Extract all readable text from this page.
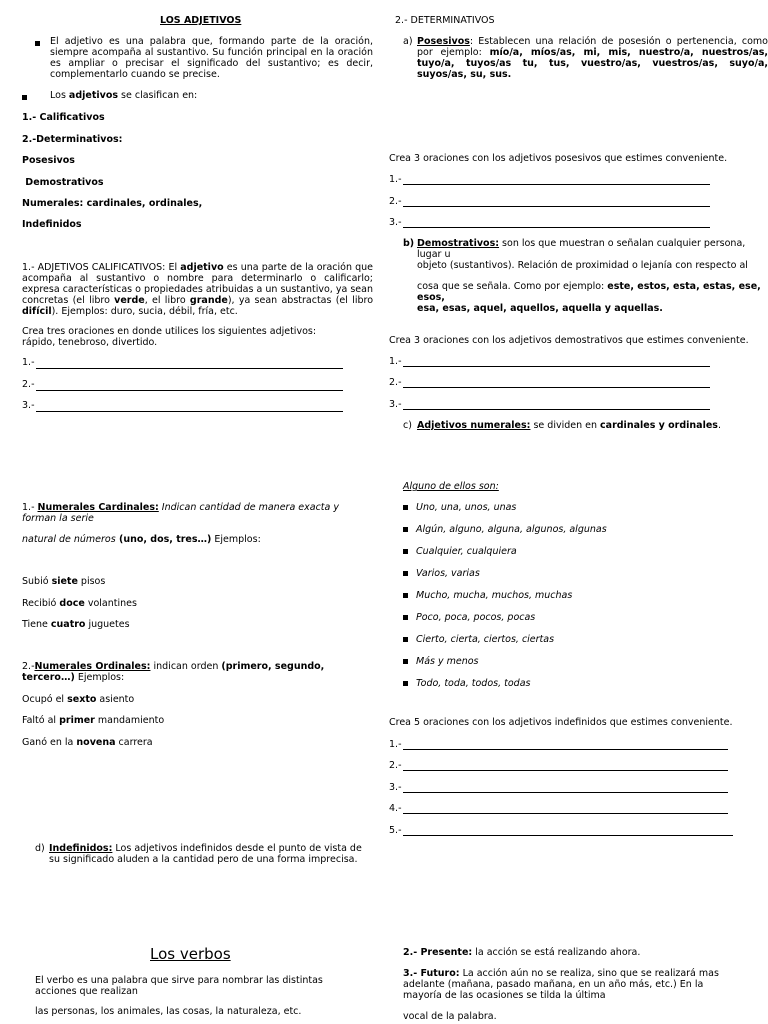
LOS ADJETIVOS
El adjetivo es una palabra que, formando parte de la oración, siempre acompaña al sustantivo. Su función principal en la oración es ampliar o precisar el significado del sustantivo; es decir, complementarlo cuando se precise.
Los adjetivos se clasifican en:
1.- Calificativos
2.-Determinativos:
Posesivos
Demostrativos
Numerales: cardinales, ordinales,
Indefinidos
1.- ADJETIVOS CALIFICATIVOS: El adjetivo es una parte de la oración que acompaña al sustantivo o nombre para determinarlo o calificarlo; expresa características o propiedades atribuidas a un sustantivo, ya sean concretas (el libro verde, el libro grande), ya sean abstractas (el libro difícil). Ejemplos: duro, sucia, débil, fría, etc.
Crea tres oraciones en donde utilices los siguientes adjetivos: rápido, tenebroso, divertido.
1.-
2.-
3.-
1.- Numerales Cardinales: Indican cantidad de manera exacta y forman la serie
natural de números (uno, dos, tres…) Ejemplos:
Subió siete pisos
Recibió doce volantines
Tiene cuatro juguetes
2.-Numerales Ordinales: indican orden (primero, segundo, tercero…) Ejemplos:
Ocupó el sexto asiento
Faltó al primer mandamiento
Ganó en la novena carrera
d) Indefinidos: Los adjetivos indefinidos desde el punto de vista de su significado aluden a la cantidad pero de una forma imprecisa.
Los verbos
El verbo es una palabra que sirve para nombrar las distintas acciones que realizan
las personas, los animales, las cosas, la naturaleza, etc.
2.- DETERMINATIVOS
a) Posesivos: Establecen una relación de posesión o pertenencia, como por ejemplo: mío/a, míos/as, mi, mis, nuestro/a, nuestros/as, tuyo/a, tuyos/as tu, tus, vuestro/as, vuestros/as, suyo/a, suyos/as, su, sus.
Crea 3 oraciones con los adjetivos posesivos que estimes conveniente.
1.-
2.-
3.-
b) Demostrativos: son los que muestran o señalan cualquier persona, lugar u
objeto (sustantivos). Relación de proximidad o lejanía con respecto al
cosa que se señala. Como por ejemplo: este, estos, esta, estas, ese, esos,
esa, esas, aquel, aquellos, aquella y aquellas.
Crea 3 oraciones con los adjetivos demostrativos que estimes conveniente.
1.-
2.-
3.-
c) Adjetivos numerales: se dividen en cardinales y ordinales.
Alguno de ellos son:
Uno, una, unos, unas
Algún, alguno, alguna, algunos, algunas
Cualquier, cualquiera
Varios, varias
Mucho, mucha, muchos, muchas
Poco, poca, pocos, pocas
Cierto, cierta, ciertos, ciertas
Más y menos
Todo, toda, todos, todas
Crea 5 oraciones con los adjetivos indefinidos que estimes conveniente.
1.-
2.-
3.-
4.-
5.-
2.- Presente: la acción se está realizando ahora.
3.- Futuro: La acción aún no se realiza, sino que se realizará mas adelante (mañana, pasado mañana, en un año más, etc.) En la mayoría de las ocasiones se tilda la última
vocal de la palabra.
